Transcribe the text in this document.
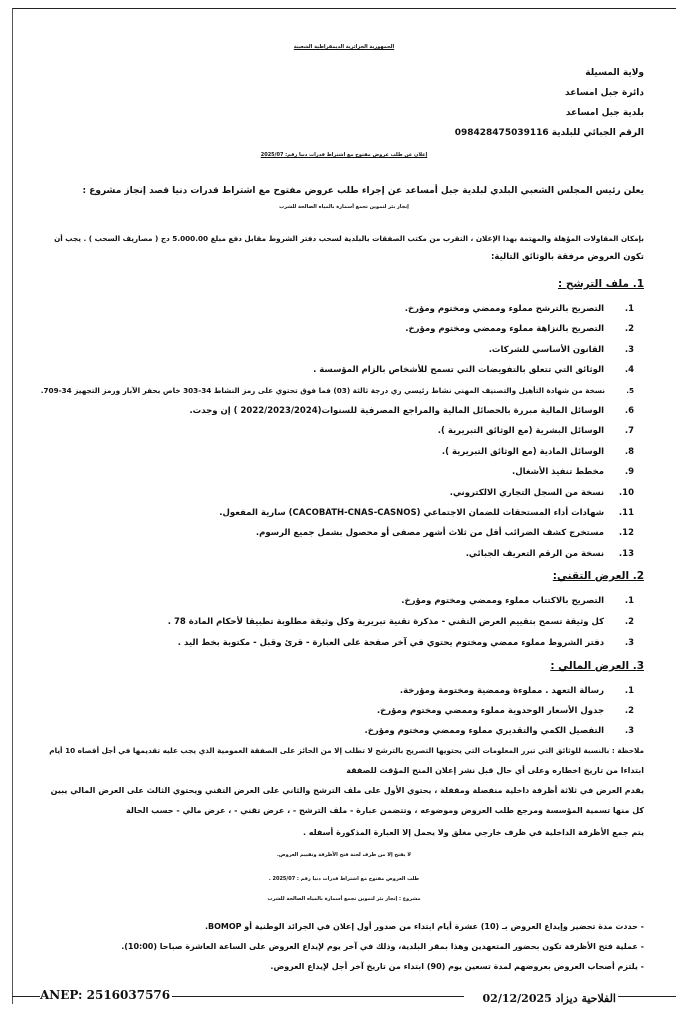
الجمهورية الجزائرية الديمقراطية الشعبية
ولاية المسيلة
دائرة جبل امساعد
بلدية جبل امساعد
الرقم الجبائي للبلدية 098428475039116
إعلان عن طلب عروض مفتوح مع اشتراط قدرات دنيا رقم: 2025/07
يعلن رئيس المجلس الشعبي البلدي لبلدية جبل أمساعد عن إجراء طلب عروض مفتوح مع اشتراط قدرات دنيا قصد إنجاز مشروع :
إنجاز بئر لتموين تجمع أسمارة بالمياه الصالحة للشرب
بإمكان المقاولات المؤهلة والمهتمة بهذا الإعلان ، التقرب من مكتب الصفقات بالبلدية لسحب دفتر الشروط مقابل دفع مبلغ 5.000.00 دج ( مصاريف السحب ) . يجب أن
تكون العروض مرفقة بالوثائق التالية:
1. ملف الترشح :
1.  التصريح بالترشح مملوء وممضي ومختوم ومؤرخ.
2.  التصريح بالنزاهة مملوء وممضي ومختوم ومؤرخ.
3.  القانون الأساسي للشركات.
4.  الوثائق التي تتعلق بالتفويضات التي تسمح للأشخاص بالزام المؤسسة .
5.  نسخة من شهادة التأهيل والتصنيف المهني نشاط رئيسي ري درجة ثالثة (03) فما فوق تحتوي على رمز النشاط 34-303 خاص بحفر الآبار ورمز التجهيز 34-709.
6.  الوسائل المالية مبررة بالحصائل المالية والمراجع المصرفية للسنوات(2022/2023/2024 ) إن وجدت.
7.  الوسائل البشرية (مع الوثائق التبريرية ).
8.  الوسائل المادية (مع الوثائق التبريرية ).
9.  مخطط تنفيذ الأشغال.
10.  نسخة من السجل التجاري الالكتروني.
11.  شهادات أداء المستحقات للضمان الاجتماعي (CACOBATH-CNAS-CASNOS) سارية المفعول.
12.  مستخرج كشف الضرائب أقل من ثلاث أشهر مصفى أو محصول بشمل جميع الرسوم.
13.  نسخة من الرقم التعريف الجبائي.
2. العرض التقني:
1.  التصريح بالاكتتاب مملوء وممضي ومختوم ومؤرخ.
2.  كل وثيقة تسمح بتقييم العرض التقني - مذكرة تقنية تبريرية وكل وثيقة مطلوبة تطبيقا لأحكام المادة 78 .
3.  دفتر الشروط مملوء ممضي ومختوم يحتوي في آخر صفحة على العبارة - قرئ وقبل - مكتوبة بخط اليد .
3. العرض المالي :
1.  رسالة التعهد . مملوءة وممضية ومختومة ومؤرخة.
2.  جدول الأسعار الوحدوية مملوء وممضي ومختوم ومؤرخ.
3.  التفصيل الكمي والتقديري مملوء وممضي ومختوم ومؤرخ.
ملاحظة : بالنسبة للوثائق التي تبرر المعلومات التي يحتويها التصريح بالترشح لا تطلب إلا من الحائز على الصفقة العمومية الذي يجب عليه تقديمها في أجل أقصاه 10 أيام
ابتداءا من تاريخ اخطاره وعلى أي حال قبل نشر إعلان المنح المؤقت للصفقة
يقدم العرض في ثلاثة أظرفة داخلية منفصلة ومقفلة ، يحتوي الأول على ملف الترشح والثاني على العرض التقني ويحتوي الثالث على العرض المالي يبين
كل منها تسمية المؤسسة ومرجع طلب العروض وموضوعه ، وتتضمن عبارة - ملف الترشح - ، عرض تقني - ، عرض مالي - حسب الحالة
يتم جمع الأظرفة الداخلية في ظرف خارجي مغلق ولا يحمل إلا العبارة المذكورة أسفله .
لا يفتح إلا من طرف لجنة فتح الأظرفة وتقييم العروض.
طلب العروض مفتوح مع اشتراط قدرات دنيا رقم : 2025/07 .
مشروع : إنجاز بئر لتموين تجمع أسمارة بالمياه الصالحة للشرب
- حددت مدة تحضير وإيداع العروض بـ (10) عشرة أيام ابتداء من صدور أول إعلان في الجرائد الوطنية أو BOMOP.
- عملية فتح الأظرفة تكون بحضور المتعهدين وهذا بمقر البلدية، وذلك في آخر يوم لإيداع العروض على الساعة العاشرة صباحا (10:00).
- يلتزم أصحاب العروض بعروضهم لمدة تسعين يوم (90) ابتداء من تاريخ آخر أجل لإيداع العروض.
ANEP: 2516037576	الفلاحية ديزاد 02/12/2025
